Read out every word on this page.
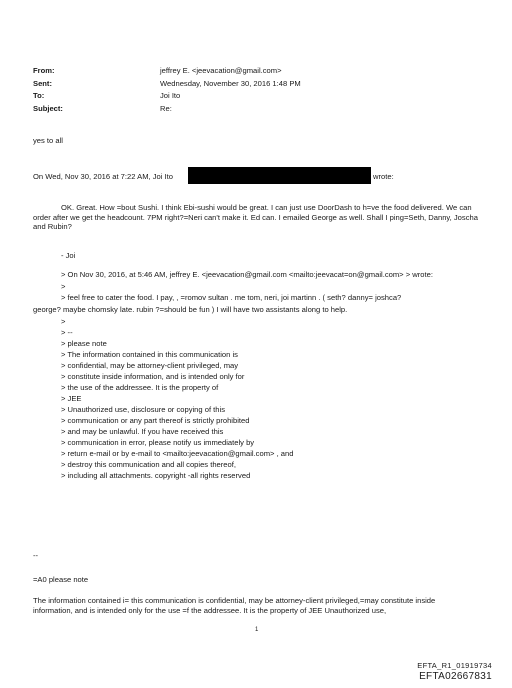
From:	jeffrey E. <jeevacation@gmail.com>
Sent:	Wednesday, November 30, 2016 1:48 PM
To:	Joi Ito
Subject:	Re:
yes to all
On Wed, Nov 30, 2016 at 7:22 AM, Joi Ito	wrote:
OK. Great. How =bout Sushi. I think Ebi-sushi would be great. I can just use DoorDash to h=ve the food delivered. We can order after we get the headcount. 7PM right?=Neri can't make it. Ed can. I emailed George as well. Shall I ping=Seth, Danny, Joscha and Rubin?
- Joi
> On Nov 30, 2016, at 5:46 AM, jeffrey E. <jeevacation@gmail.com <mailto:jeevacat=on@gmail.com> > wrote:
>
> feel free to cater the food. I pay, , =romov sultan . me tom, neri, joi martinn . ( seth? danny= joshca?
george? maybe chomsky late. rubin ?=should be fun ) I will have two assistants along to help.
>
> --
> please note
> The information contained in this communication is
> confidential, may be attorney-client privileged, may
> constitute inside information, and is intended only for
> the use of the addressee. It is the property of
> JEE
> Unauthorized use, disclosure or copying of this
> communication or any part thereof is strictly prohibited
> and may be unlawful. If you have received this
> communication in error, please notify us immediately by
> return e-mail or by e-mail to <mailto:jeevacation@gmail.com> , and
> destroy this communication and all copies thereof,
> including all attachments. copyright -all rights reserved
--
=A0 please note
The information contained i= this communication is confidential, may be attorney-client privileged,=may constitute inside information, and is intended only for the use =f the addressee. It is the property of JEE Unauthorized use,
1
EFTA_R1_01919734
EFTA02667831
